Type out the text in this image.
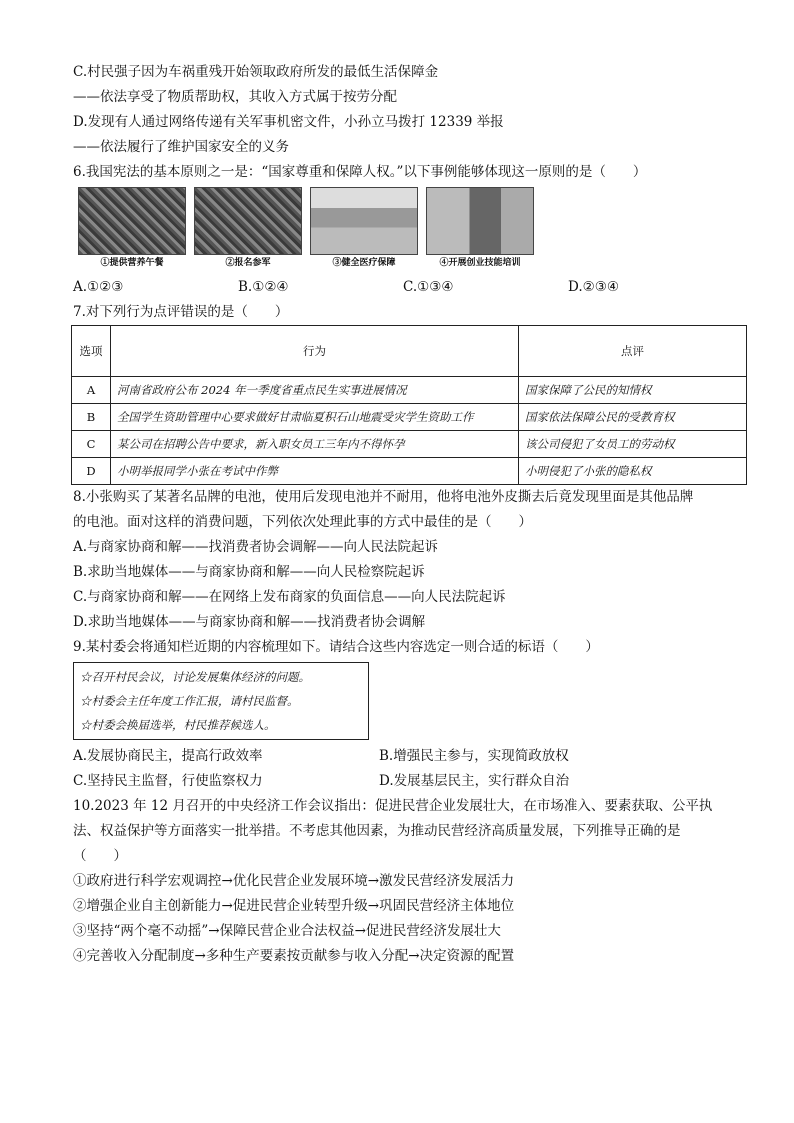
C.村民强子因为车祸重残开始领取政府所发的最低生活保障金
——依法享受了物质帮助权，其收入方式属于按劳分配
D.发现有人通过网络传递有关军事机密文件，小孙立马拨打 12339 举报
——依法履行了维护国家安全的义务
6.我国宪法的基本原则之一是：“国家尊重和保障人权。”以下事例能够体现这一原则的是（　　）
①提供营养午餐	②报名参军	③健全医疗保障	④开展创业技能培训
A.①②③	B.①②④	C.①③④	D.②③④
7.对下列行为点评错误的是（　　）
选项	行为	点评
A	河南省政府公布 2024 年一季度省重点民生实事进展情况	国家保障了公民的知情权
B	全国学生资助管理中心要求做好甘肃临夏积石山地震受灾学生资助工作	国家依法保障公民的受教育权
C	某公司在招聘公告中要求，新入职女员工三年内不得怀孕	该公司侵犯了女员工的劳动权
D	小明举报同学小张在考试中作弊	小明侵犯了小张的隐私权
8.小张购买了某著名品牌的电池，使用后发现电池并不耐用，他将电池外皮撕去后竟发现里面是其他品牌
的电池。面对这样的消费问题，下列依次处理此事的方式中最佳的是（　　）
A.与商家协商和解——找消费者协会调解——向人民法院起诉
B.求助当地媒体——与商家协商和解——向人民检察院起诉
C.与商家协商和解——在网络上发布商家的负面信息——向人民法院起诉
D.求助当地媒体——与商家协商和解——找消费者协会调解
9.某村委会将通知栏近期的内容梳理如下。请结合这些内容选定一则合适的标语（　　）
☆召开村民会议，讨论发展集体经济的问题。
☆村委会主任年度工作汇报，请村民监督。
☆村委会换届选举，村民推荐候选人。
A.发展协商民主，提高行政效率	B.增强民主参与，实现简政放权
C.坚持民主监督，行使监察权力	D.发展基层民主，实行群众自治
10.2023 年 12 月召开的中央经济工作会议指出：促进民营企业发展壮大，在市场准入、要素获取、公平执
法、权益保护等方面落实一批举措。不考虑其他因素，为推动民营经济高质量发展，下列推导正确的是
（　　）
①政府进行科学宏观调控→优化民营企业发展环境→激发民营经济发展活力
②增强企业自主创新能力→促进民营企业转型升级→巩固民营经济主体地位
③坚持“两个毫不动摇”→保障民营企业合法权益→促进民营经济发展壮大
④完善收入分配制度→多种生产要素按贡献参与收入分配→决定资源的配置
